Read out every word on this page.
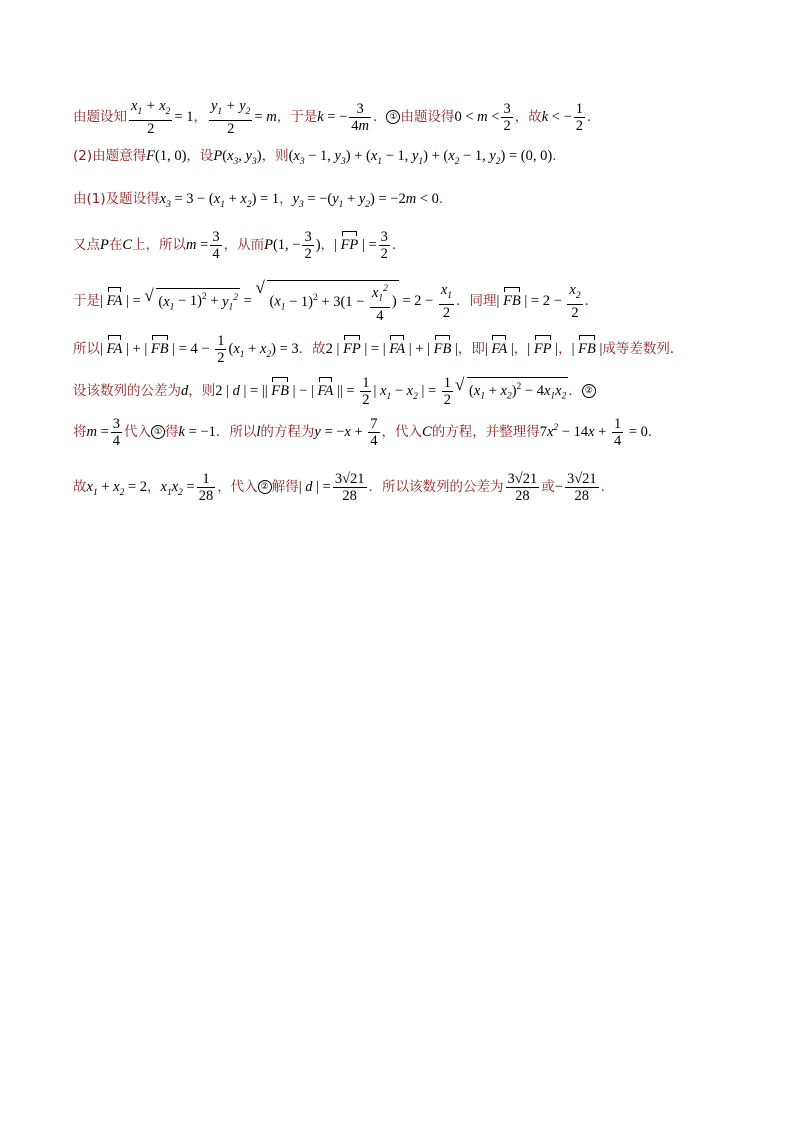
由题设知 $\frac{x_1 + x_2}{2} = 1$， $\frac{y_1 + y_2}{2} = m$，于是k = − $\frac{3}{4m}$ ． ① 由题设得$0 < m < \frac{3}{2}$ ，故k < − $\frac{1}{2}$ ．
(2)由题意得F(1, 0)，设$P(x_3$, $y_3$)，则($x_3 - 1$, $y_3) + (x_1 - 1$, $y_1) + (x_2 - 1$, $y_2) = (0$, 0)．
由(1)及题设得$x_3 = 3 - (x_1 + x_2) = 1$，$y_3 = -(y_1 + y_2) = -2m < 0$．
又点P在C上，所以$m = \frac{3}{4}$ ，从而P(1, − $\frac{3}{2}$ )，| FP | = $\frac{3}{2}$ ．
于是| FA | = √ $(x_1 - 1)^2 + y_1^2$ = √ $(x_1 - 1)^2 + 3(1 - \frac{x_1^2}{4}$ ) = $2 - \frac{x_1}{2}$ ．同理| FB | = $2 - \frac{x_2}{2}$ ．
所以| FA | + | FB | = $4 - \frac{1}{2} (x_1 + x_2) = 3$．故2 | FP | = | FA | + | FB |，即| FA |，| FP |，| FB |成等差数列．
设该数列的公差为d，则2 | d | = || FB | − | FA || = $\frac{1}{2}$ | $x_1 - x_2$ | = $\frac{1}{2}$
√ $(x_1 + x_2)^2 - 4x_1x_2$ ． ②
将$m = \frac{3}{4}$ 代入 ① 得k = −1．所以l的方程为$y = -x + \frac{7}{4}$ ，代入C的方程，并整理得$7x^2 - 14x + \frac{1}{4} = 0$．
故$x_1 + x_2 = 2$，$x_1x_2 = \frac{1}{28}$ ，代入 ② 解得| d | = $\frac{3√21}{28}$ ．所以该数列的公差为 $\frac{3√21}{28}$ 或− $\frac{3√21}{28}$ ．
